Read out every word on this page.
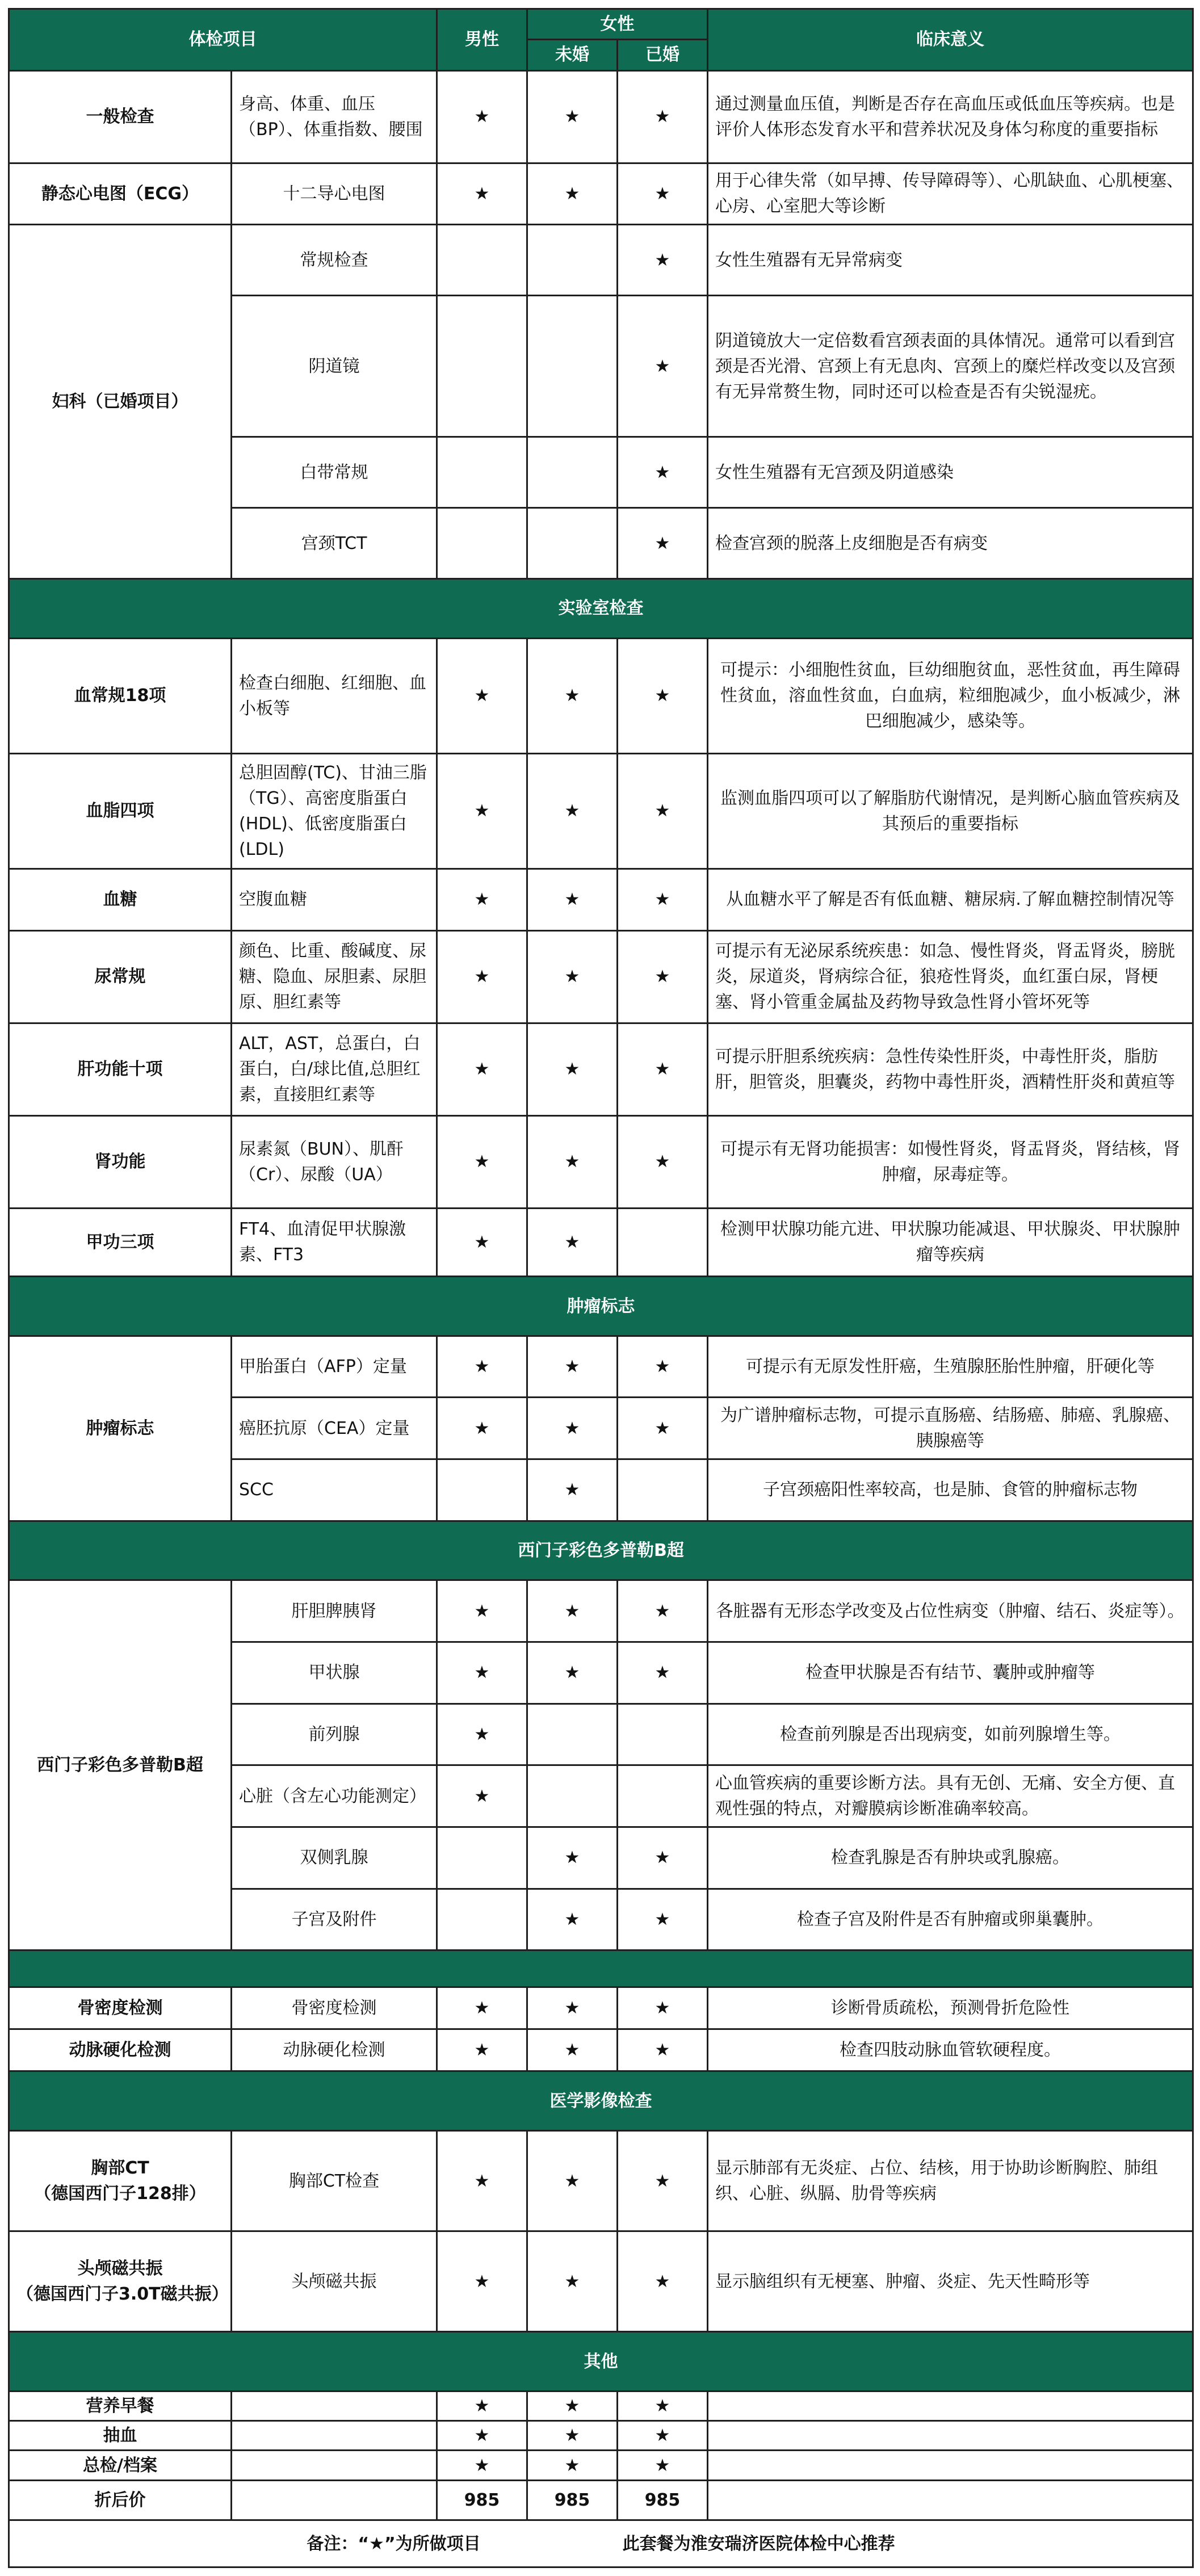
体检项目		男性	女性		临床意义
			未婚	已婚	
一般检查	身高、体重、血压（BP）、体重指数、腰围	★	★	★	通过测量血压值，判断是否存在高血压或低血压等疾病。也是评价人体形态发育水平和营养状况及身体匀称度的重要指标
静态心电图（ECG）	十二导心电图	★	★	★	用于心律失常（如早搏、传导障碍等）、心肌缺血、心肌梗塞、心房、心室肥大等诊断
妇科（已婚项目）	常规检查			★	女性生殖器有无异常病变
	阴道镜			★	阴道镜放大一定倍数看宫颈表面的具体情况。通常可以看到宫颈是否光滑、宫颈上有无息肉、宫颈上的糜烂样改变以及宫颈有无异常赘生物，同时还可以检查是否有尖锐湿疣。
	白带常规			★	女性生殖器有无宫颈及阴道感染
	宫颈TCT			★	检查宫颈的脱落上皮细胞是否有病变
实验室检查					
血常规18项	检查白细胞、红细胞、血小板等	★	★	★	可提示：小细胞性贫血，巨幼细胞贫血，恶性贫血，再生障碍性贫血，溶血性贫血，白血病，粒细胞减少，血小板减少，淋巴细胞减少，感染等。
血脂四项	总胆固醇(TC)、甘油三脂（TG）、高密度脂蛋白(HDL)、低密度脂蛋白(LDL)	★	★	★	监测血脂四项可以了解脂肪代谢情况，是判断心脑血管疾病及其预后的重要指标
血糖	空腹血糖	★	★	★	从血糖水平了解是否有低血糖、糖尿病.了解血糖控制情况等
尿常规	颜色、比重、酸碱度、尿糖、隐血、尿胆素、尿胆原、胆红素等	★	★	★	可提示有无泌尿系统疾患：如急、慢性肾炎，肾盂肾炎，膀胱炎，尿道炎，肾病综合征，狼疮性肾炎，血红蛋白尿，肾梗塞、肾小管重金属盐及药物导致急性肾小管坏死等
肝功能十项	ALT，AST，总蛋白，白蛋白，白/球比值,总胆红素，直接胆红素等	★	★	★	可提示肝胆系统疾病：急性传染性肝炎，中毒性肝炎，脂肪肝，胆管炎，胆囊炎，药物中毒性肝炎，酒精性肝炎和黄疸等
肾功能	尿素氮（BUN）、肌酐（Cr）、尿酸（UA）	★	★	★	可提示有无肾功能损害：如慢性肾炎，肾盂肾炎，肾结核，肾肿瘤，尿毒症等。
甲功三项	FT4、血清促甲状腺激素、FT3	★	★		检测甲状腺功能亢进、甲状腺功能减退、甲状腺炎、甲状腺肿瘤等疾病
肿瘤标志					
肿瘤标志	甲胎蛋白（AFP）定量	★	★	★	可提示有无原发性肝癌，生殖腺胚胎性肿瘤，肝硬化等
	癌胚抗原（CEA）定量	★	★	★	为广谱肿瘤标志物，可提示直肠癌、结肠癌、肺癌、乳腺癌、胰腺癌等
	SCC		★		子宫颈癌阳性率较高，也是肺、食管的肿瘤标志物
西门子彩色多普勒B超					
西门子彩色多普勒B超	肝胆脾胰肾	★	★	★	各脏器有无形态学改变及占位性病变（肿瘤、结石、炎症等）。
	甲状腺	★	★	★	检查甲状腺是否有结节、囊肿或肿瘤等
	前列腺	★			检查前列腺是否出现病变，如前列腺增生等。
	心脏（含左心功能测定）	★			心血管疾病的重要诊断方法。具有无创、无痛、安全方便、直观性强的特点，对瓣膜病诊断准确率较高。
	双侧乳腺		★	★	检查乳腺是否有肿块或乳腺癌。
	子宫及附件		★	★	检查子宫及附件是否有肿瘤或卵巢囊肿。

骨密度检测	骨密度检测	★	★	★	诊断骨质疏松，预测骨折危险性
动脉硬化检测	动脉硬化检测	★	★	★	检查四肢动脉血管软硬程度。
医学影像检查					

胸部CT
（德国西门子128排）	胸部CT检查	★	★	★	显示肺部有无炎症、占位、结核，用于协助诊断胸腔、肺组织、心脏、纵膈、肋骨等疾病

头颅磁共振
（德国西门子3.0T磁共振）	头颅磁共振	★	★	★	显示脑组织有无梗塞、肿瘤、炎症、先天性畸形等
其他					
营养早餐		★	★	★	
抽血		★	★	★	
总检/档案		★	★	★	
折后价		985	985	985	
备注：“★”为所做项目 此套餐为淮安瑞济医院体检中心推荐					
